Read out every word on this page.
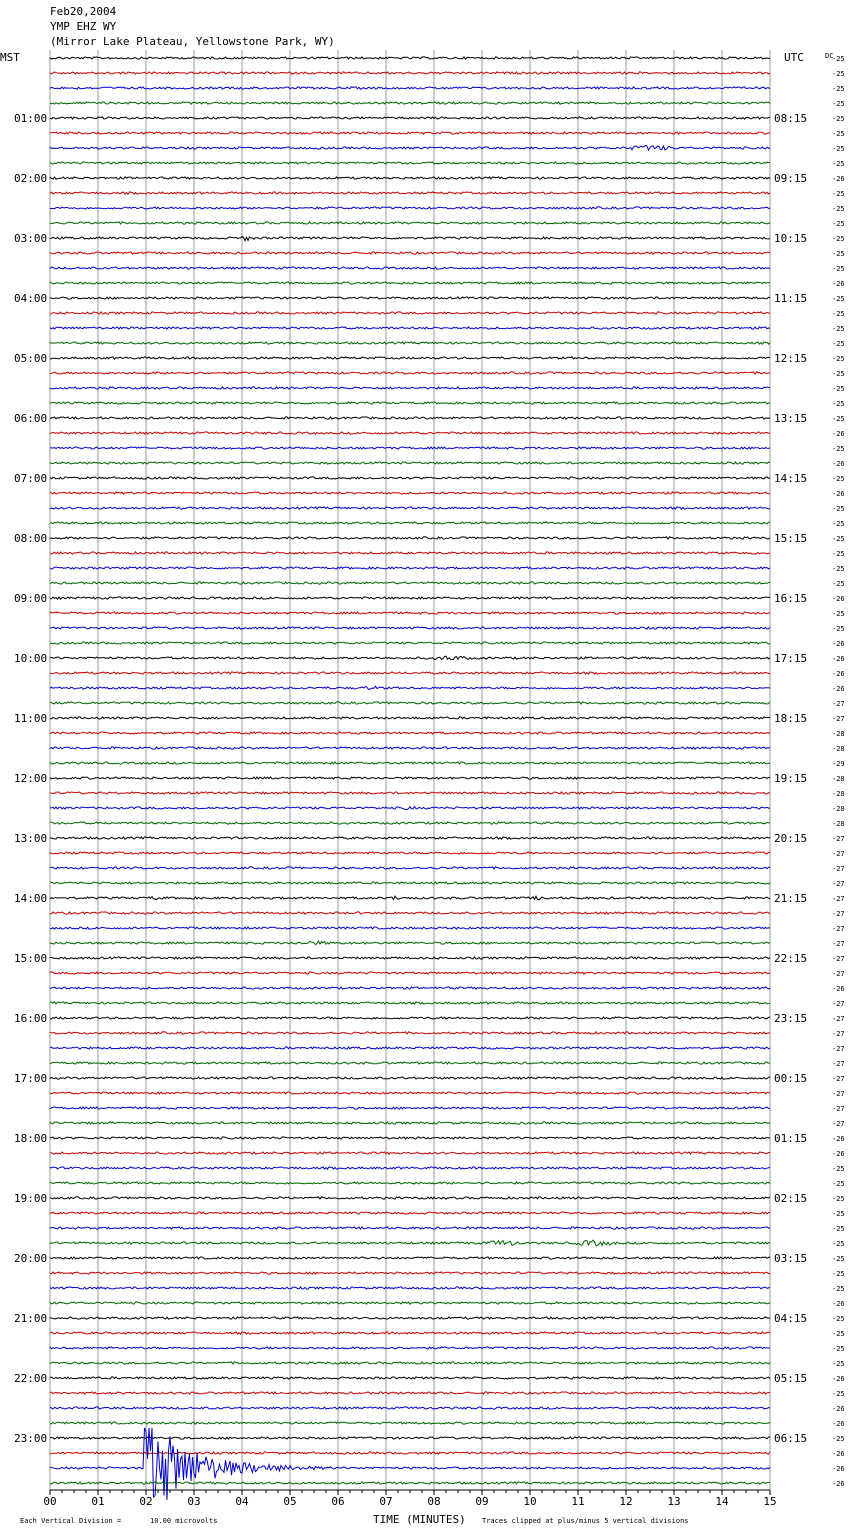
01:00
02:00
03:00
04:00
05:00
06:00
07:00
08:00
09:00
10:00
11:00
12:00
13:00
14:00
15:00
16:00
17:00
18:00
19:00
20:00
21:00
22:00
23:00
08:15
09:15
10:15
11:15
12:15
13:15
14:15
15:15
16:15
17:15
18:15
19:15
20:15
21:15
22:15
23:15
00:15
01:15
02:15
03:15
04:15
05:15
06:15
-25
-25
-25
-25
-25
-25
-25
-25
-26
-25
-25
-25
-25
-25
-25
-26
-25
-25
-25
-25
-25
-25
-25
-25
-25
-26
-25
-26
-25
-26
-25
-25
-25
-25
-25
-25
-26
-25
-25
-26
-26
-26
-26
-27
-27
-28
-28
-29
-28
-28
-28
-28
-27
-27
-27
-27
-27
-27
-27
-27
-27
-27
-26
-27
-27
-27
-27
-27
-27
-27
-27
-27
-26
-26
-25
-25
-25
-25
-25
-25
-25
-25
-25
-26
-25
-25
-25
-25
-26
-25
-26
-26
-25
-26
-26
-26
00	01	02	03	04	05	06	07	08	09	10	11	12	13	14	15
MST	UTC	DC
TIME (MINUTES)
Each Vertical Division =	10.00 microvolts	Traces clipped at plus/minus 5 vertical divisions
Feb20,2004
YMP EHZ WY
(Mirror Lake Plateau, Yellowstone Park, WY)
